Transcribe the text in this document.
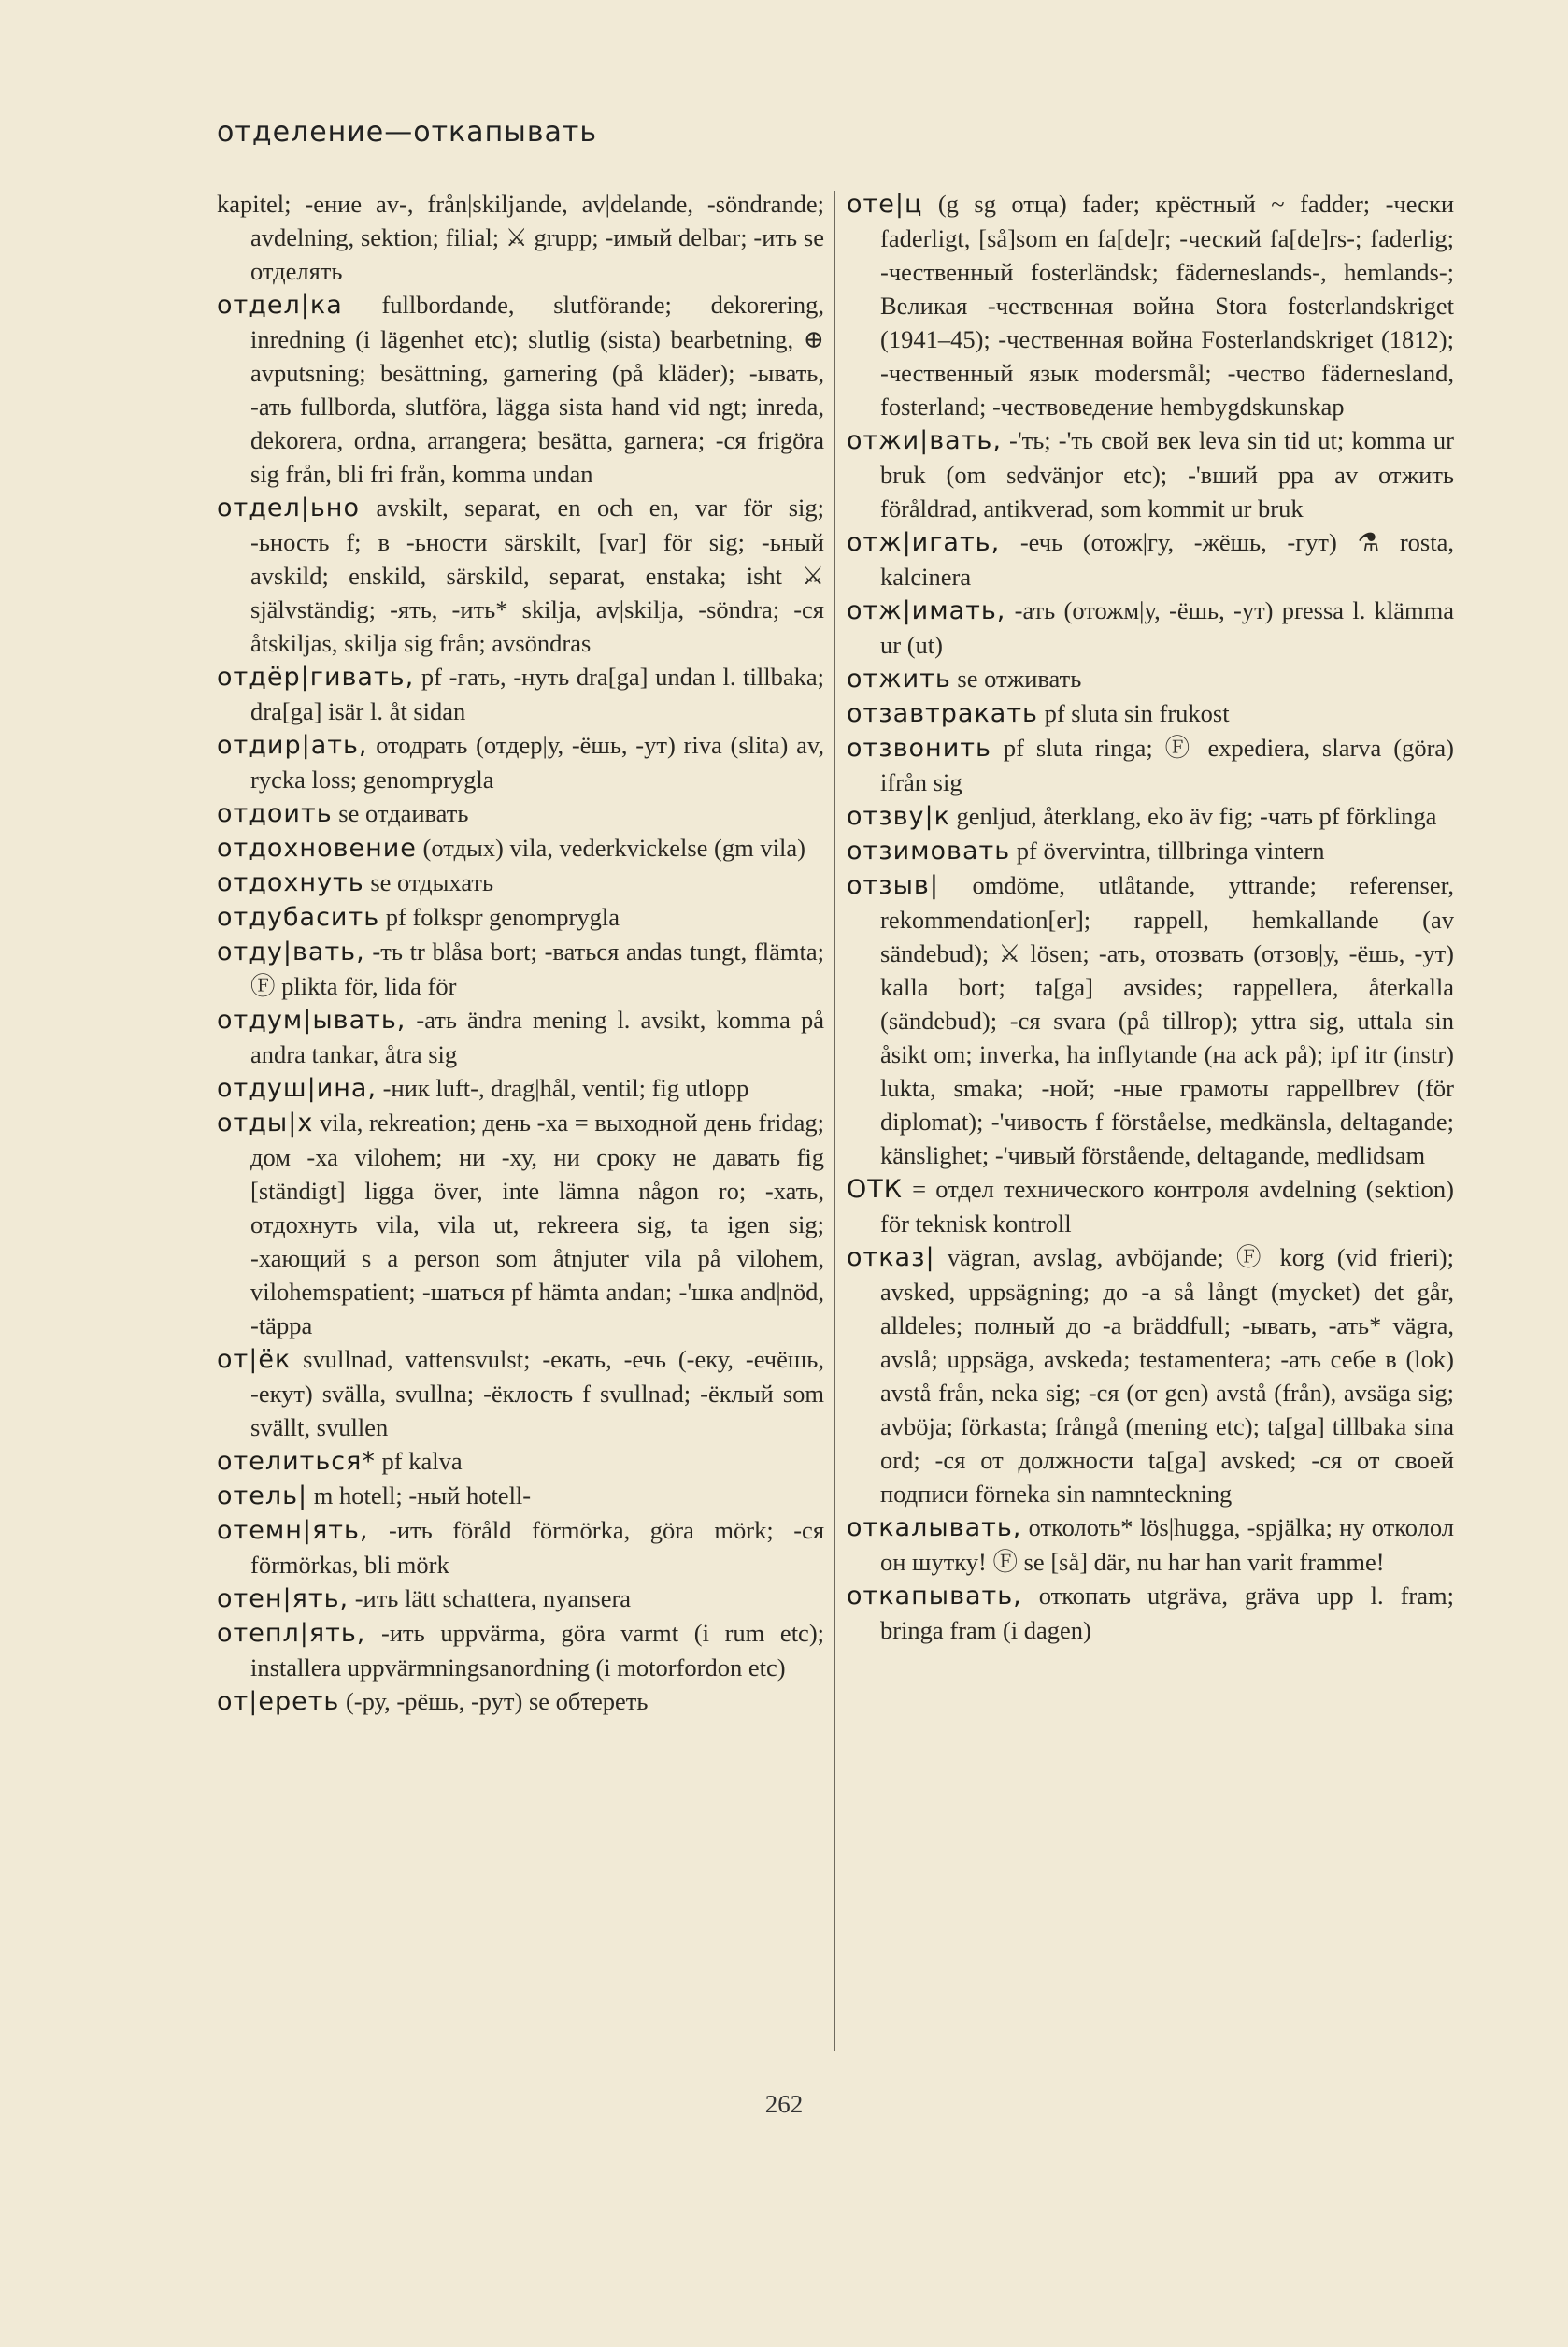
отделение—откапывать

kapitel; -ение av-, från|skiljande, av|delande, -söndrande; avdelning, sektion; filial; ⚔ grupp; -имый delbar; -ить se отделять

отдел|ка fullbordande, slutförande; dekorering, inredning (i lägenhet etc); slutlig (sista) bearbetning, ⊕ avputsning; besättning, garnering (på kläder); -ывать, -ать fullborda, slutföra, lägga sista hand vid ngt; inreda, dekorera, ordna, arrangera; besätta, garnera; -ся frigöra sig från, bli fri från, komma undan

отдел|ьно avskilt, separat, en och en, var för sig; -ьность f; в -ьности särskilt, [var] för sig; -ьный avskild; enskild, särskild, separat, enstaka; isht ⚔ självständig; -ять, -ить* skilja, av|skilja, -söndra; -ся åtskiljas, skilja sig från; avsöndras

отдёр|гивать, pf -гать, -нуть dra[ga] undan l. tillbaka; dra[ga] isär l. åt sidan

отдир|ать, отодрать (отдер|у, -ёшь, -ут) riva (slita) av, rycka loss; genomprygla

отдоить se отдаивать

отдохновение (отдых) vila, vederkvickelse (gm vila)

отдохнуть se отдыхать

отдубасить pf folkspr genomprygla

отду|вать, -ть tr blåsa bort; -ваться andas tungt, flämta; Ⓕ plikta för, lida för

отдум|ывать, -ать ändra mening l. avsikt, komma på andra tankar, åtra sig

отдуш|ина, -ник luft-, drag|hål, ventil; fig utlopp

отды|х vila, rekreation; день -ха = выходной день fridag; дом -ха vilohem; ни -ху, ни сроку не давать fig [ständigt] ligga över, inte lämna någon ro; -хать, отдохнуть vila, vila ut, rekreera sig, ta igen sig; -хающий s a person som åtnjuter vila på vilohem, vilohemspatient; -шаться pf hämta andan; -'шка and|nöd, -täppa

от|ёк svullnad, vattensvulst; -екать, -ечь (-еку, -ечёшь, -екут) svälla, svullna; -ёклость f svullnad; -ёклый som svällt, svullen

отелиться* pf kalva

отель| m hotell; -ный hotell-

отемн|ять, -ить föråld förmörka, göra mörk; -ся förmörkas, bli mörk

отен|ять, -ить lätt schattera, nyansera

отепл|ять, -ить uppvärma, göra varmt (i rum etc); installera uppvärmningsanordning (i motorfordon etc)

от|ереть (-ру, -рёшь, -рут) se обтереть

оте|ц (g sg отца) fader; крёстный ~ fadder; -чески faderligt, [så]som en fa[de]r; -ческий fa[de]rs-; faderlig; -чественный fosterländsk; fäderneslands-, hemlands-; Великая -чественная война Stora fosterlandskriget (1941–45); -чественная война Fosterlandskriget (1812); -чественный язык modersmål; -чество fädernesland, fosterland; -чествоведение hembygdskunskap

отжи|вать, -'ть; -'ть свой век leva sin tid ut; komma ur bruk (om sedvänjor etc); -'вший ppa av отжить föråldrad, antikverad, som kommit ur bruk

отж|игать, -ечь (отож|гу, -жёшь, -гут) ⚗ rosta, kalcinera

отж|имать, -ать (отожм|у, -ёшь, -ут) pressa l. klämma ur (ut)

отжить se отживать

отзавтракать pf sluta sin frukost

отзвонить pf sluta ringa; Ⓕ expediera, slarva (göra) ifrån sig

отзву|к genljud, återklang, eko äv fig; -чать pf förklinga

отзимовать pf övervintra, tillbringa vintern

отзыв| omdöme, utlåtande, yttrande; referenser, rekommendation[er]; rappell, hemkallande (av sändebud); ⚔ lösen; -ать, отозвать (отзов|у, -ёшь, -ут) kalla bort; ta[ga] avsides; rappellera, återkalla (sändebud); -ся svara (på tillrop); yttra sig, uttala sin åsikt om; inverka, ha inflytande (на ack på); ipf itr (instr) lukta, smaka; -ной; -ные грамоты rappellbrev (för diplomat); -'чивость f förståelse, medkänsla, deltagande; känslighet; -'чивый förstående, deltagande, medlidsam

ОТК = отдел технического контроля avdelning (sektion) för teknisk kontroll

отказ| vägran, avslag, avböjande; Ⓕ korg (vid frieri); avsked, uppsägning; до -а så långt (mycket) det går, alldeles; полный до -а bräddfull; -ывать, -ать* vägra, avslå; uppsäga, avskeda; testamentera; -ать себе в (lok) avstå från, neka sig; -ся (от gen) avstå (från), avsäga sig; avböja; förkasta; frångå (mening etc); ta[ga] tillbaka sina ord; -ся от должности ta[ga] avsked; -ся от своей подписи förneka sin namnteckning

откалывать, отколоть* lös|hugga, -spjälka; ну отколол он шутку! Ⓕ se [så] där, nu har han varit framme!

откапывать, откопать utgräva, gräva upp l. fram; bringa fram (i dagen)

262
